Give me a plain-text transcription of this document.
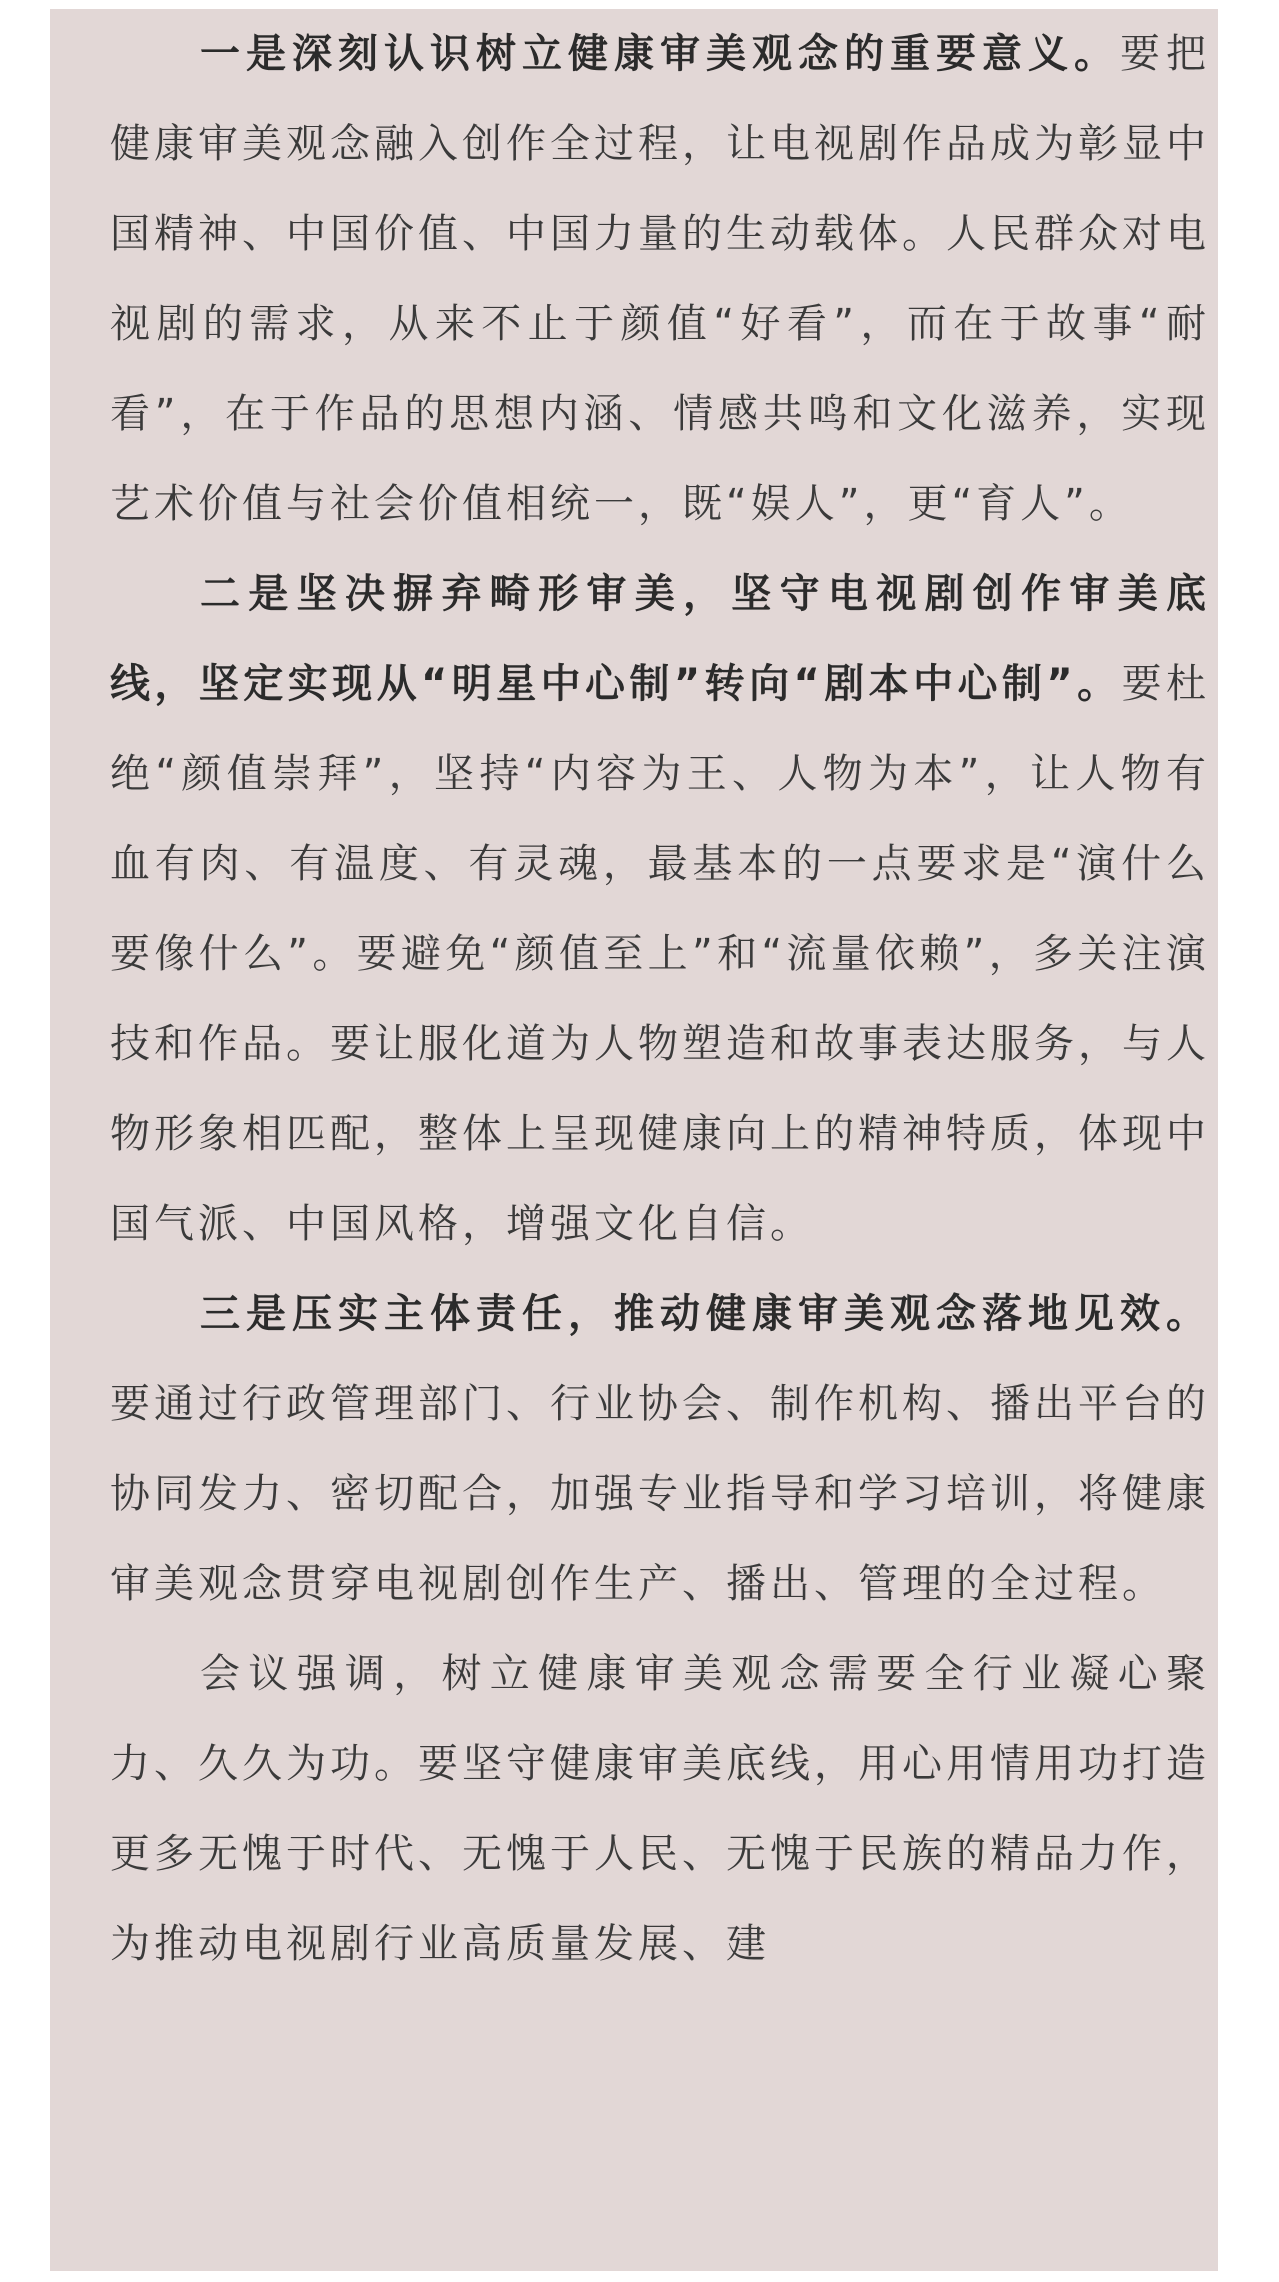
一是深刻认识树立健康审美观念的重要意义。要把健康审美观念融入创作全过程，让电视剧作品成为彰显中国精神、中国价值、中国力量的生动载体。人民群众对电视剧的需求，从来不止于颜值“好看”，而在于故事“耐看”，在于作品的思想内涵、情感共鸣和文化滋养，实现艺术价值与社会价值相统一，既“娱人”，更“育人”。

二是坚决摒弃畸形审美，坚守电视剧创作审美底线，坚定实现从“明星中心制”转向“剧本中心制”。要杜绝“颜值崇拜”，坚持“内容为王、人物为本”，让人物有血有肉、有温度、有灵魂，最基本的一点要求是“演什么要像什么”。要避免“颜值至上”和“流量依赖”，多关注演技和作品。要让服化道为人物塑造和故事表达服务，与人物形象相匹配，整体上呈现健康向上的精神特质，体现中国气派、中国风格，增强文化自信。

三是压实主体责任，推动健康审美观念落地见效。要通过行政管理部门、行业协会、制作机构、播出平台的协同发力、密切配合，加强专业指导和学习培训，将健康审美观念贯穿电视剧创作生产、播出、管理的全过程。

会议强调，树立健康审美观念需要全行业凝心聚力、久久为功。要坚守健康审美底线，用心用情用功打造更多无愧于时代、无愧于人民、无愧于民族的精品力作，为推动电视剧行业高质量发展、建
